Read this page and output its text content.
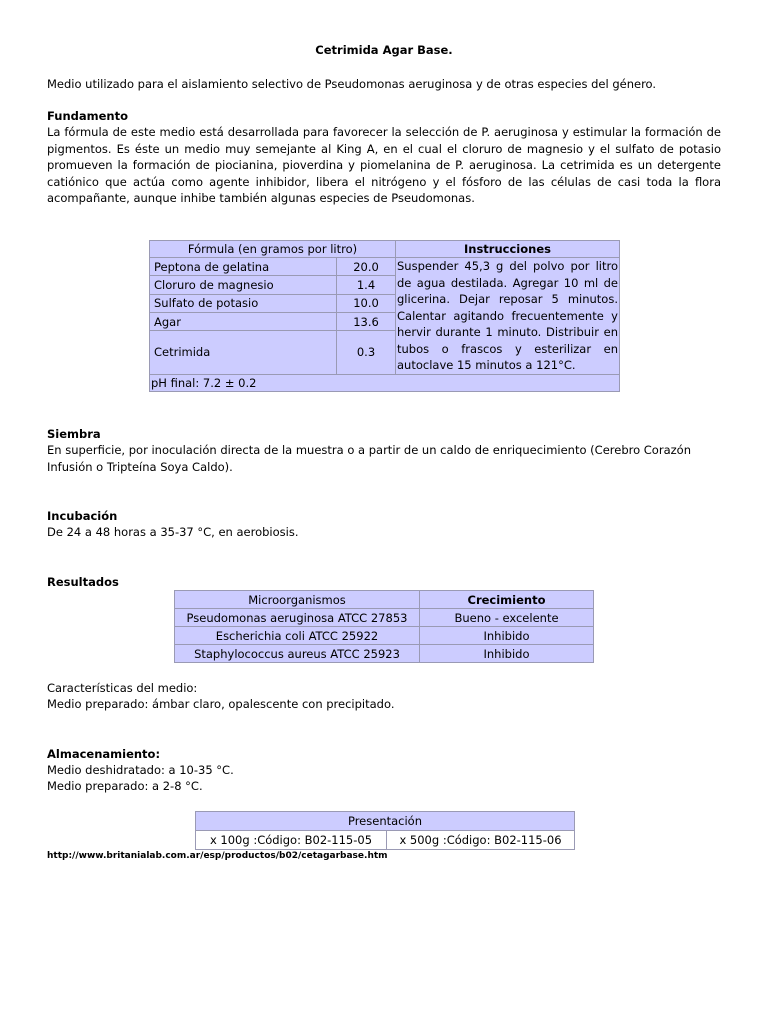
Cetrimida Agar Base.
Medio utilizado para el aislamiento selectivo de Pseudomonas aeruginosa y de otras especies del género.
Fundamento
La fórmula de este medio está desarrollada para favorecer la selección de P. aeruginosa y estimular la formación de pigmentos. Es éste un medio muy semejante al King A, en el cual el cloruro de magnesio y el sulfato de potasio promueven la formación de piocianina, pioverdina y piomelanina de P. aeruginosa. La cetrimida es un detergente catiónico que actúa como agente inhibidor, libera el nitrógeno y el fósforo de las células de casi toda la flora acompañante, aunque inhibe también algunas especies de Pseudomonas.
Fórmula (en gramos por litro)		Instrucciones
Peptona de gelatina	20.0	Suspender 45,3 g del polvo por litro de agua destilada. Agregar 10 ml de glicerina. Dejar reposar 5 minutos. Calentar agitando frecuentemente y hervir durante 1 minuto. Distribuir en tubos o frascos y esterilizar en autoclave 15 minutos a 121°C.
Cloruro de magnesio	1.4	
Sulfato de potasio	10.0	
Agar	13.6	
Cetrimida	0.3	
pH final: 7.2 ± 0.2		
Siembra
En superficie, por inoculación directa de la muestra o a partir de un caldo de enriquecimiento (Cerebro Corazón Infusión o Tripteína Soya Caldo).
Incubación
De 24 a 48 horas a 35-37 °C, en aerobiosis.
Resultados
Microorganismos	Crecimiento
Pseudomonas aeruginosa ATCC 27853	Bueno - excelente
Escherichia coli ATCC 25922	Inhibido
Staphylococcus aureus ATCC 25923	Inhibido
Características del medio:
Medio preparado: ámbar claro, opalescente con precipitado.
Almacenamiento:
Medio deshidratado: a 10-35 °C.
Medio preparado: a 2-8 °C.
Presentación
x 100g :Código: B02-115-05	x 500g :Código: B02-115-06
http://www.britanialab.com.ar/esp/productos/b02/cetagarbase.htm
